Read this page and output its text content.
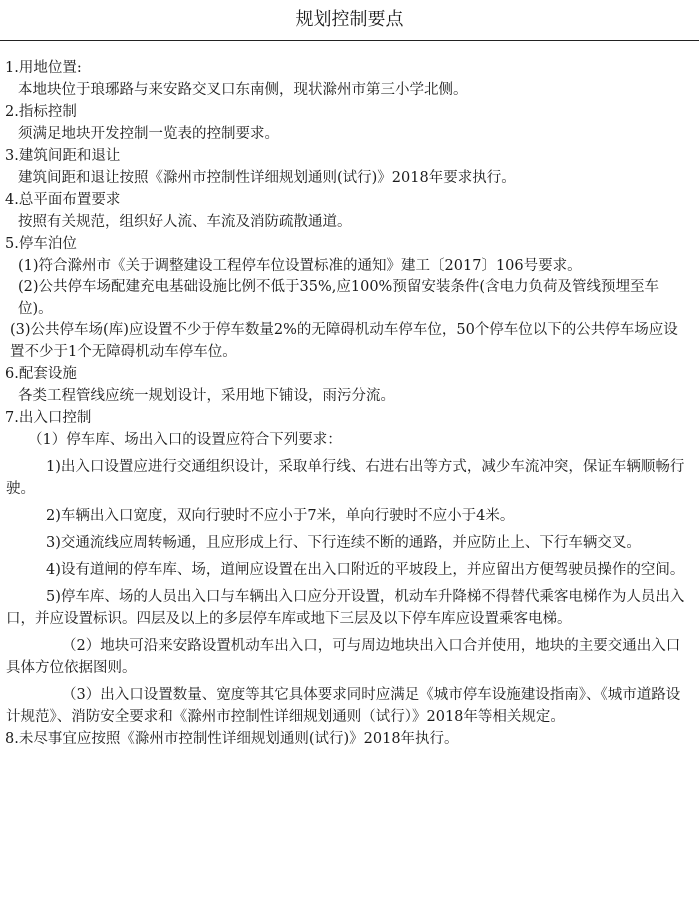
规划控制要点

1.用地位置:

本地块位于琅琊路与来安路交叉口东南侧，现状滁州市第三小学北侧。

2.指标控制

须满足地块开发控制一览表的控制要求。

3.建筑间距和退让

建筑间距和退让按照《滁州市控制性详细规划通则(试行)》2018年要求执行。

4.总平面布置要求

按照有关规范，组织好人流、车流及消防疏散通道。

5.停车泊位

(1)符合滁州市《关于调整建设工程停车位设置标准的通知》建工〔2017〕106号要求。

(2)公共停车场配建充电基础设施比例不低于35%,应100%预留安装条件(含电力负荷及管线预埋至车位)。

(3)公共停车场(库)应设置不少于停车数量2%的无障碍机动车停车位，50个停车位以下的公共停车场应设置不少于1个无障碍机动车停车位。

6.配套设施

各类工程管线应统一规划设计，采用地下铺设，雨污分流。

7.出入口控制

（1）停车库、场出入口的设置应符合下列要求：

1)出入口设置应进行交通组织设计，采取单行线、右进右出等方式，减少车流冲突，保证车辆顺畅行驶。

2)车辆出入口宽度，双向行驶时不应小于7米，单向行驶时不应小于4米。

3)交通流线应周转畅通，且应形成上行、下行连续不断的通路，并应防止上、下行车辆交叉。

4)设有道闸的停车库、场，道闸应设置在出入口附近的平坡段上，并应留出方便驾驶员操作的空间。

5)停车库、场的人员出入口与车辆出入口应分开设置，机动车升降梯不得替代乘客电梯作为人员出入口，并应设置标识。四层及以上的多层停车库或地下三层及以下停车库应设置乘客电梯。

（2）地块可沿来安路设置机动车出入口，可与周边地块出入口合并使用，地块的主要交通出入口具体方位依据图则。

（3）出入口设置数量、宽度等其它具体要求同时应满足《城市停车设施建设指南》、《城市道路设计规范》、消防安全要求和《滁州市控制性详细规划通则（试行）》2018年等相关规定。

8.未尽事宜应按照《滁州市控制性详细规划通则(试行)》2018年执行。
